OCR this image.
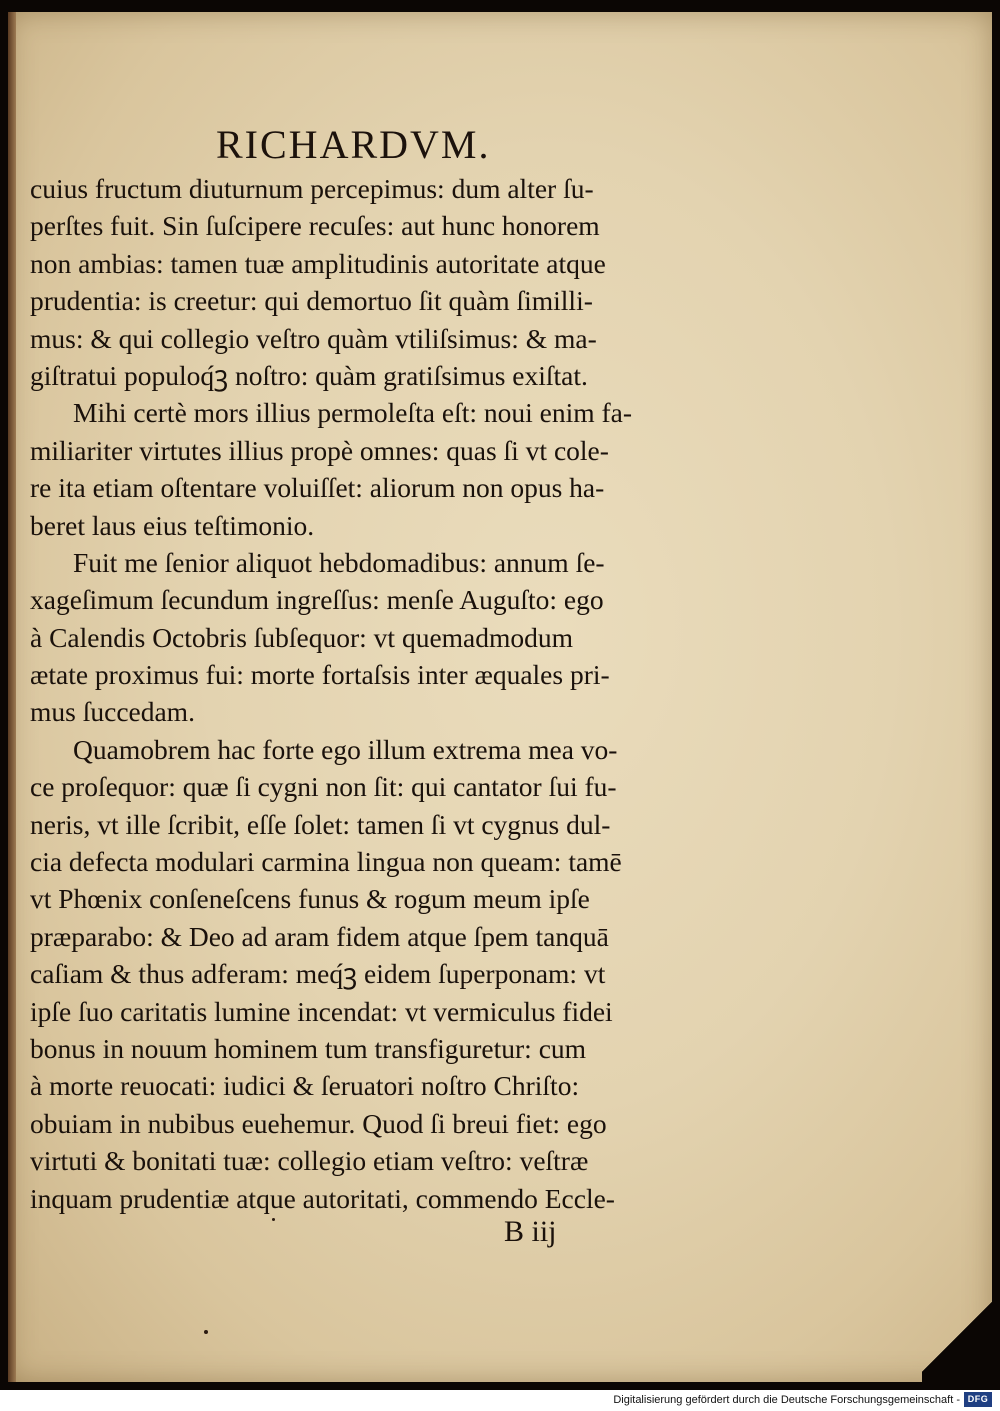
RICHARDVM.
cuius fructum diuturnum percepimus: dum alter ſu-
perſtes fuit. Sin ſuſcipere recuſes: aut hunc honorem
non ambias: tamen tuæ amplitudinis autoritate atque
prudentia: is creetur: qui demortuo ſit quàm ſimilli-
mus: & qui collegio veſtro quàm vtiliſsimus: & ma-
giſtratui populoq́ꝫ noſtro: quàm gratiſsimus exiſtat.
Mihi certè mors illius permoleſta eſt: noui enim fa-
miliariter virtutes illius propè omnes: quas ſi vt cole-
re ita etiam oſtentare voluiſſet: aliorum non opus ha-
beret laus eius teſtimonio.
Fuit me ſenior aliquot hebdomadibus: annum ſe-
xageſimum ſecundum ingreſſus: menſe Auguſto: ego
à Calendis Octobris ſubſequor: vt quemadmodum
ætate proximus fui: morte fortaſsis inter æquales pri-
mus ſuccedam.
Quamobrem hac forte ego illum extrema mea vo-
ce proſequor: quæ ſi cygni non ſit: qui cantator ſui fu-
neris, vt ille ſcribit, eſſe ſolet: tamen ſi vt cygnus dul-
cia defecta modulari carmina lingua non queam: tamē
vt Phœnix conſeneſcens funus & rogum meum ipſe
præparabo: & Deo ad aram fidem atque ſpem tanquā
caſiam & thus adferam: meq́ꝫ eidem ſuperponam: vt
ipſe ſuo caritatis lumine incendat: vt vermiculus fidei
bonus in nouum hominem tum transfiguretur: cum
à morte reuocati: iudici & ſeruatori noſtro Chriſto:
obuiam in nubibus euehemur. Quod ſi breui fiet: ego
virtuti & bonitati tuæ: collegio etiam veſtro: veſtræ
inquam prudentiæ atque autoritati, commendo Eccle-
B iij
Digitalisierung gefördert durch die Deutsche Forschungsgemeinschaft - DFG
